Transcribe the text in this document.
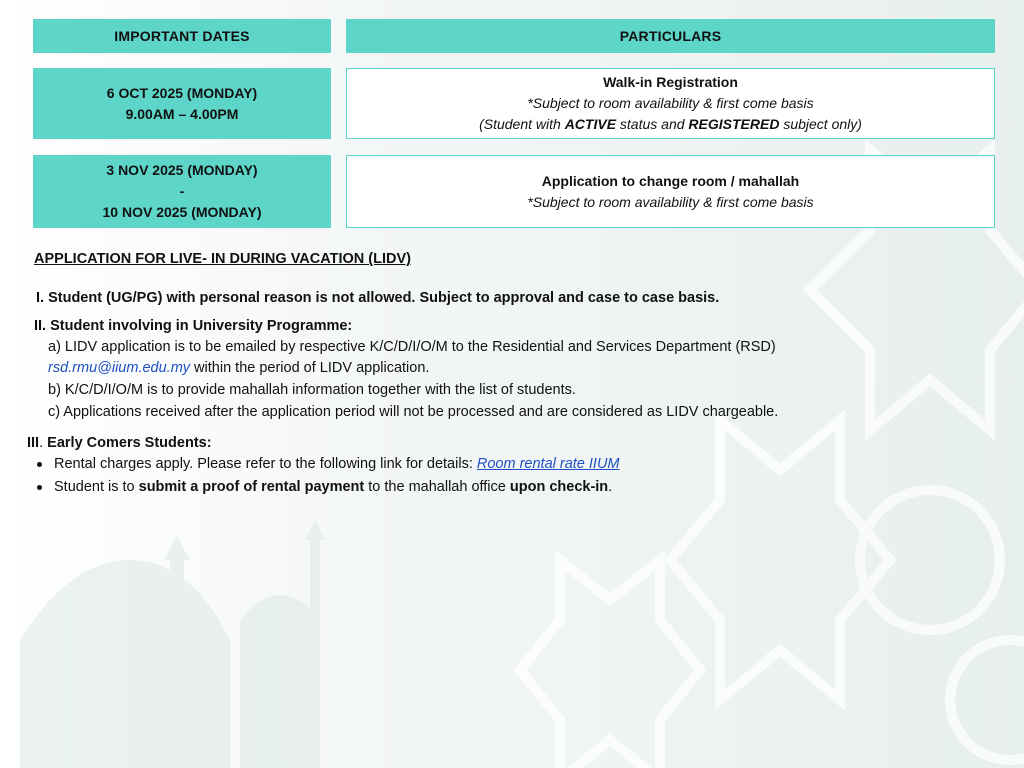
IMPORTANT DATES	PARTICULARS
6 OCT 2025 (MONDAY)
9.00AM – 4.00PM
Walk-in Registration
*Subject to room availability & first come basis
(Student with ACTIVE status and REGISTERED subject only)
3 NOV 2025 (MONDAY)
-
10 NOV 2025 (MONDAY)
Application to change room / mahallah
*Subject to room availability & first come basis
APPLICATION FOR LIVE- IN DURING VACATION (LIDV)
I. Student (UG/PG) with personal reason is not allowed. Subject to approval and case to case basis.
II. Student involving in University Programme:
a) LIDV application is to be emailed by respective K/C/D/I/O/M to the Residential and Services Department (RSD)
rsd.rmu@iium.edu.my within the period of LIDV application.
b) K/C/D/I/O/M is to provide mahallah information together with the list of students.
c) Applications received after the application period will not be processed and are considered as LIDV chargeable.
III. Early Comers Students:
Rental charges apply. Please refer to the following link for details: Room rental rate IIUM
Student is to submit a proof of rental payment to the mahallah office upon check-in.
